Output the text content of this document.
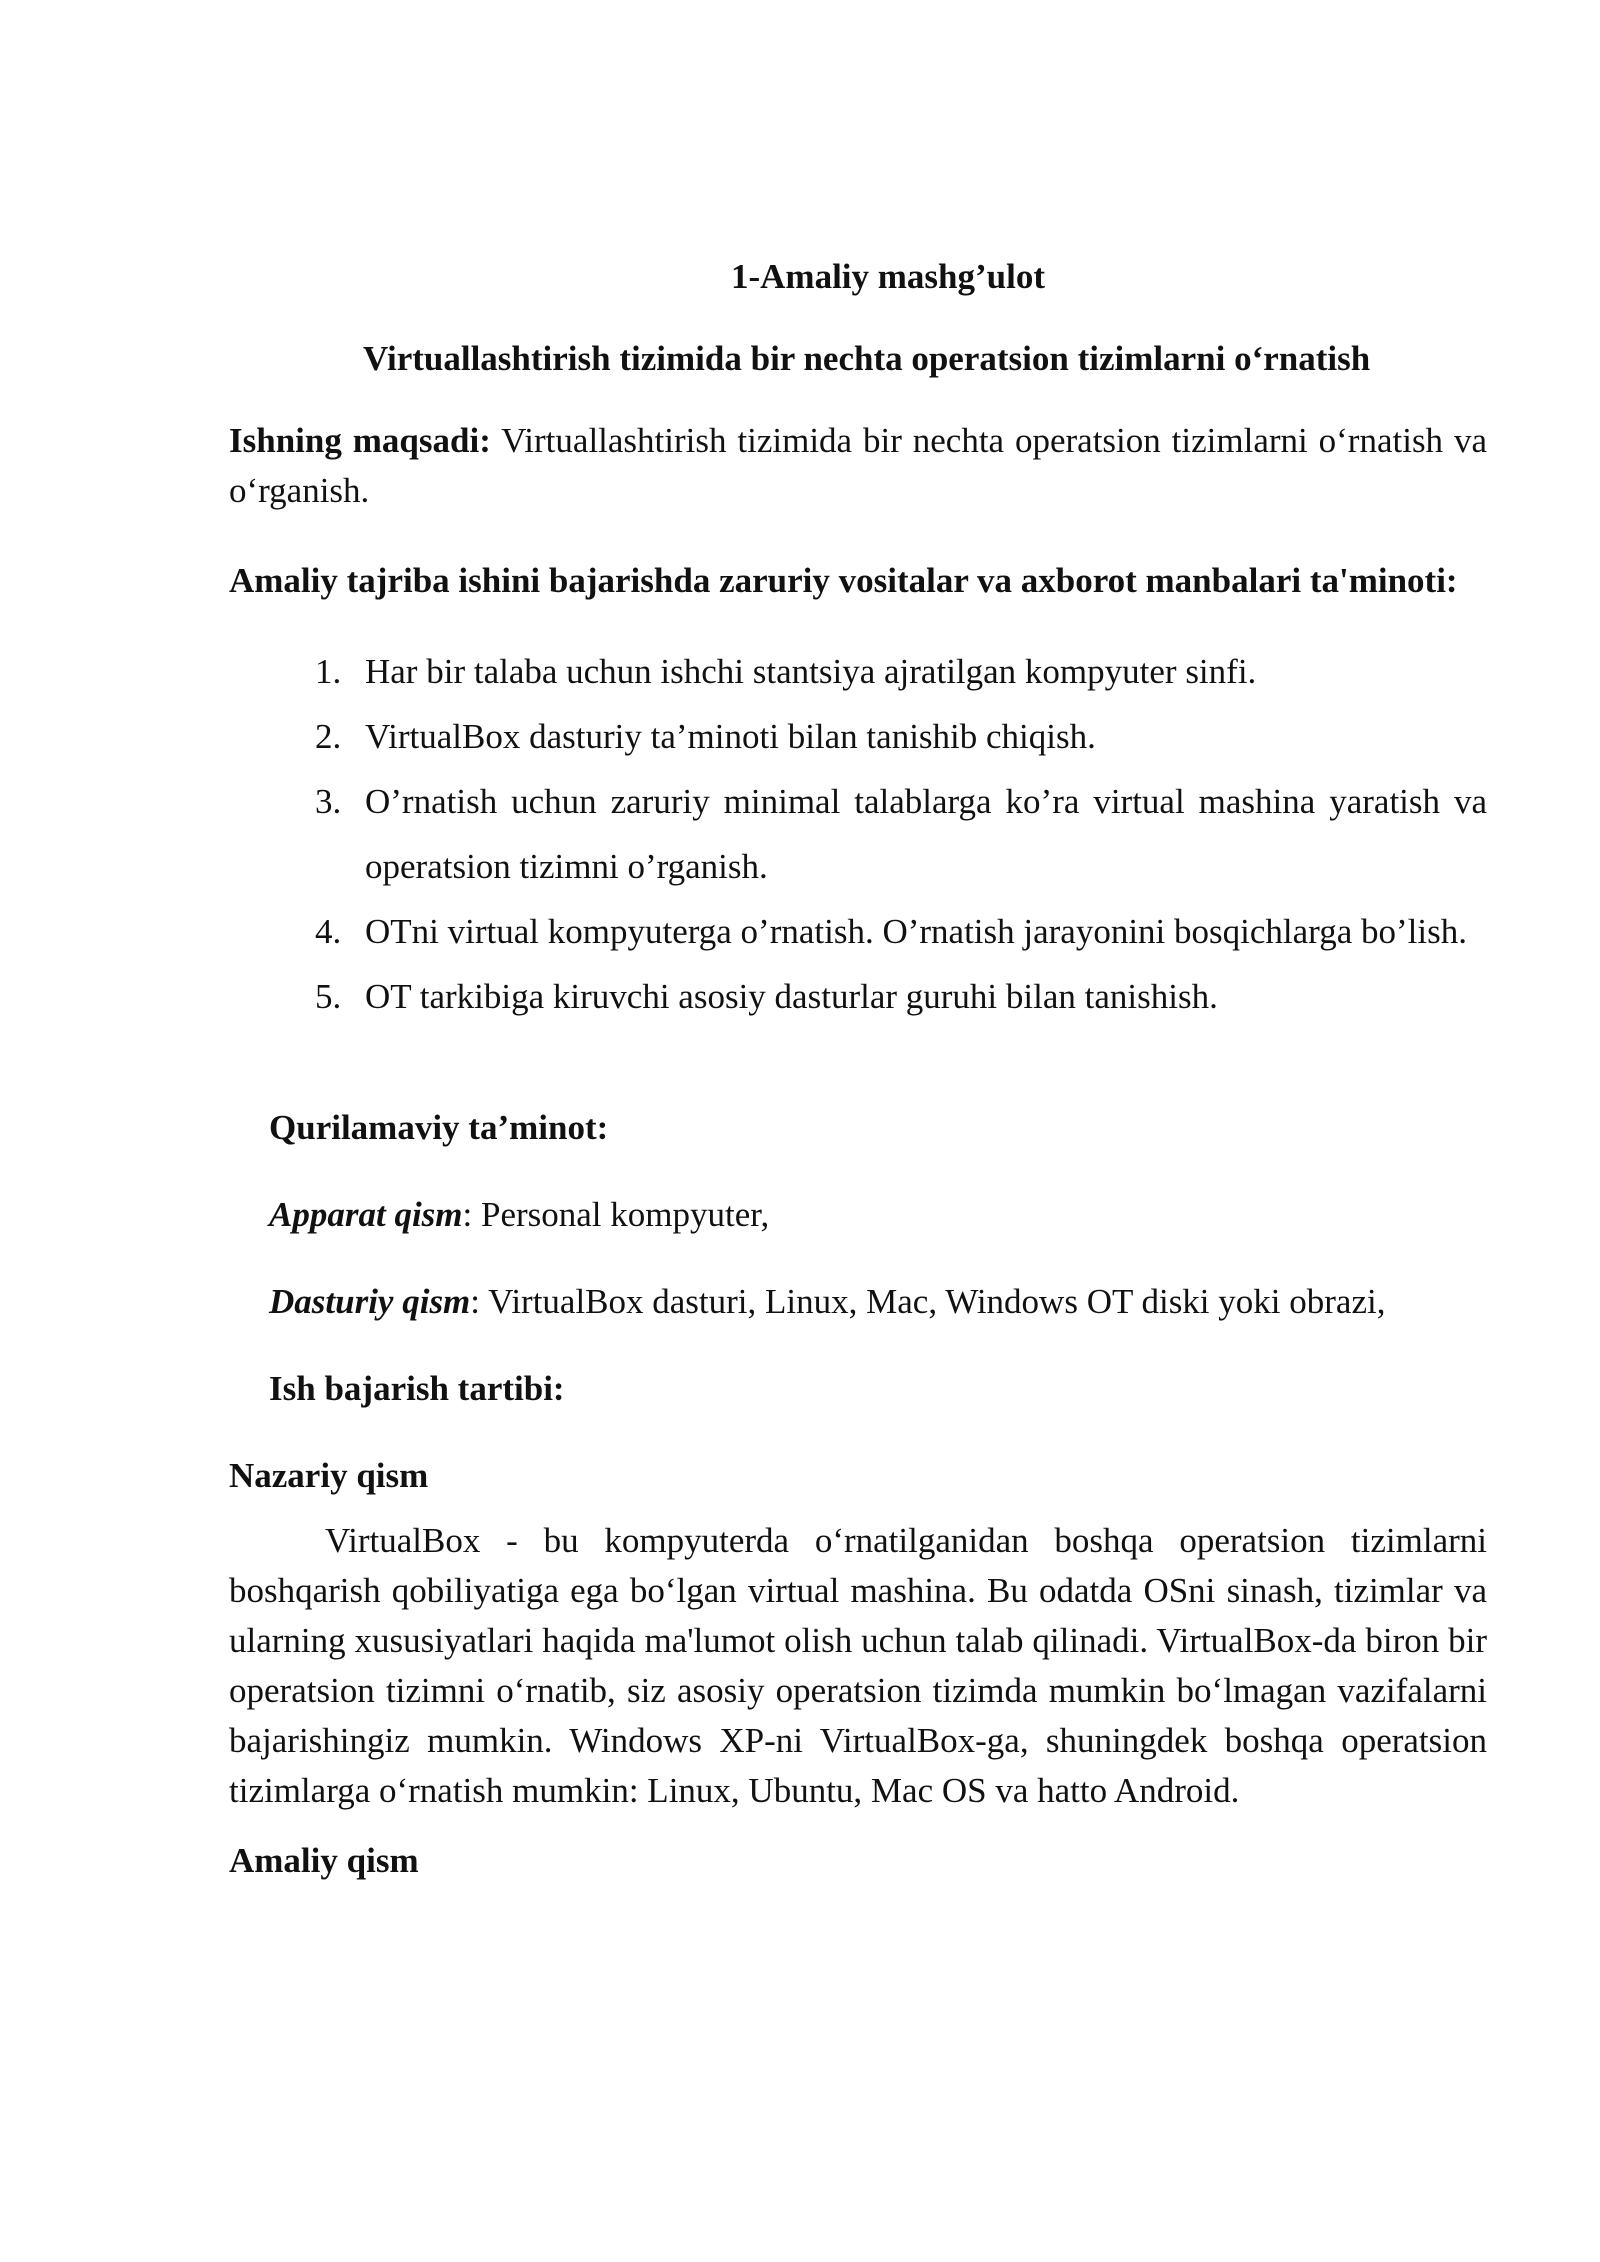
1-Amaliy mashg’ulot
Virtuallashtirish tizimida bir nechta operatsion tizimlarni oʻrnatish

Ishning maqsadi: Virtuallashtirish tizimida bir nechta operatsion tizimlarni oʻrnatish va oʻrganish.

Amaliy tajriba ishini bajarishda zaruriy vositalar va axborot manbalari ta'minoti:

1. Har bir talaba uchun ishchi stantsiya ajratilgan kompyuter sinfi.
2. VirtualBox dasturiy ta’minoti bilan tanishib chiqish.
3. O’rnatish uchun zaruriy minimal talablarga ko’ra virtual mashina yaratish va operatsion tizimni o’rganish.
4. OTni virtual kompyuterga o’rnatish. O’rnatish jarayonini bosqichlarga bo’lish.
5. OT tarkibiga kiruvchi asosiy dasturlar guruhi bilan tanishish.

Qurilamaviy ta’minot:

Apparat qism: Personal kompyuter,

Dasturiy qism: VirtualBox dasturi, Linux, Mac, Windows OT diski yoki obrazi,

Ish bajarish tartibi:

Nazariy qism

VirtualBox - bu kompyuterda oʻrnatilganidan boshqa operatsion tizimlarni boshqarish qobiliyatiga ega boʻlgan virtual mashina. Bu odatda OSni sinash, tizimlar va ularning xususiyatlari haqida ma'lumot olish uchun talab qilinadi. VirtualBox-da biron bir operatsion tizimni oʻrnatib, siz asosiy operatsion tizimda mumkin boʻlmagan vazifalarni bajarishingiz mumkin. Windows XP-ni VirtualBox-ga, shuningdek boshqa operatsion tizimlarga oʻrnatish mumkin: Linux, Ubuntu, Mac OS va hatto Android.

Amaliy qism
